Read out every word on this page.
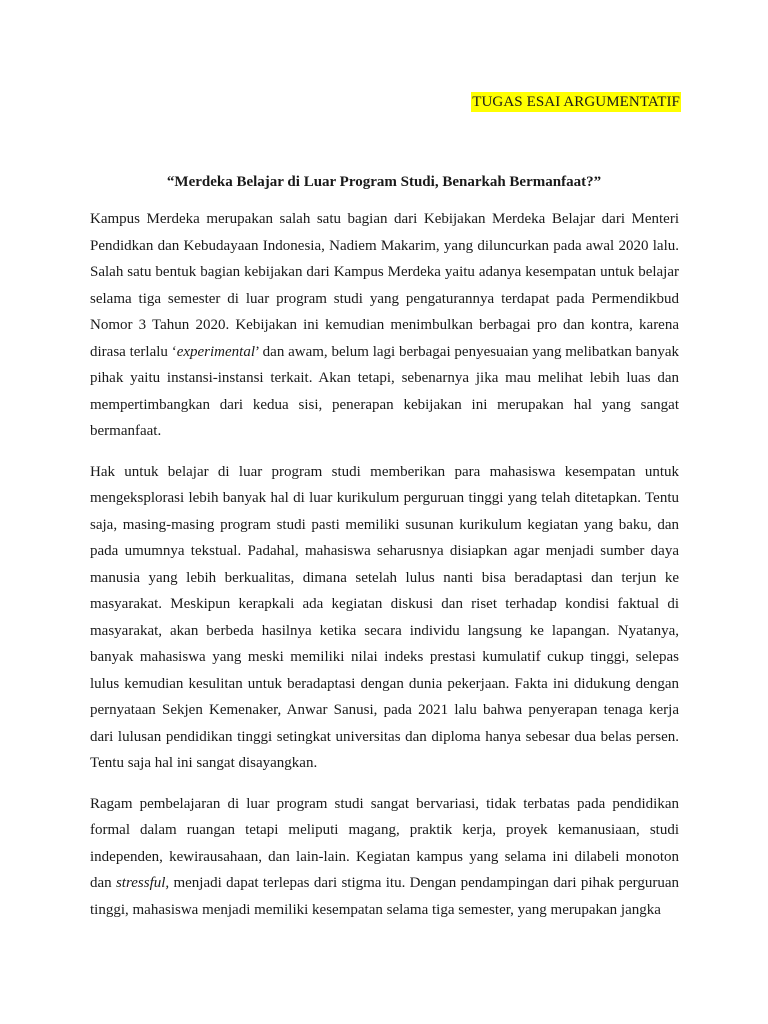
TUGAS ESAI ARGUMENTATIF
“Merdeka Belajar di Luar Program Studi, Benarkah Bermanfaat?”

Kampus Merdeka merupakan salah satu bagian dari Kebijakan Merdeka Belajar dari Menteri Pendidkan dan Kebudayaan Indonesia, Nadiem Makarim, yang diluncurkan pada awal 2020 lalu. Salah satu bentuk bagian kebijakan dari Kampus Merdeka yaitu adanya kesempatan untuk belajar selama tiga semester di luar program studi yang pengaturannya terdapat pada Permendikbud Nomor 3 Tahun 2020. Kebijakan ini kemudian menimbulkan berbagai pro dan kontra, karena dirasa terlalu ‘experimental’ dan awam, belum lagi berbagai penyesuaian yang melibatkan banyak pihak yaitu instansi-instansi terkait. Akan tetapi, sebenarnya jika mau melihat lebih luas dan mempertimbangkan dari kedua sisi, penerapan kebijakan ini merupakan hal yang sangat bermanfaat.

Hak untuk belajar di luar program studi memberikan para mahasiswa kesempatan untuk mengeksplorasi lebih banyak hal di luar kurikulum perguruan tinggi yang telah ditetapkan. Tentu saja, masing-masing program studi pasti memiliki susunan kurikulum kegiatan yang baku, dan pada umumnya tekstual. Padahal, mahasiswa seharusnya disiapkan agar menjadi sumber daya manusia yang lebih berkualitas, dimana setelah lulus nanti bisa beradaptasi dan terjun ke masyarakat. Meskipun kerapkali ada kegiatan diskusi dan riset terhadap kondisi faktual di masyarakat, akan berbeda hasilnya ketika secara individu langsung ke lapangan. Nyatanya, banyak mahasiswa yang meski memiliki nilai indeks prestasi kumulatif cukup tinggi, selepas lulus kemudian kesulitan untuk beradaptasi dengan dunia pekerjaan. Fakta ini didukung dengan pernyataan Sekjen Kemenaker, Anwar Sanusi, pada 2021 lalu bahwa penyerapan tenaga kerja dari lulusan pendidikan tinggi setingkat universitas dan diploma hanya sebesar dua belas persen. Tentu saja hal ini sangat disayangkan.

Ragam pembelajaran di luar program studi sangat bervariasi, tidak terbatas pada pendidikan formal dalam ruangan tetapi meliputi magang, praktik kerja, proyek kemanusiaan, studi independen, kewirausahaan, dan lain-lain. Kegiatan kampus yang selama ini dilabeli monoton dan stressful, menjadi dapat terlepas dari stigma itu. Dengan pendampingan dari pihak perguruan tinggi, mahasiswa menjadi memiliki kesempatan selama tiga semester, yang merupakan jangka
